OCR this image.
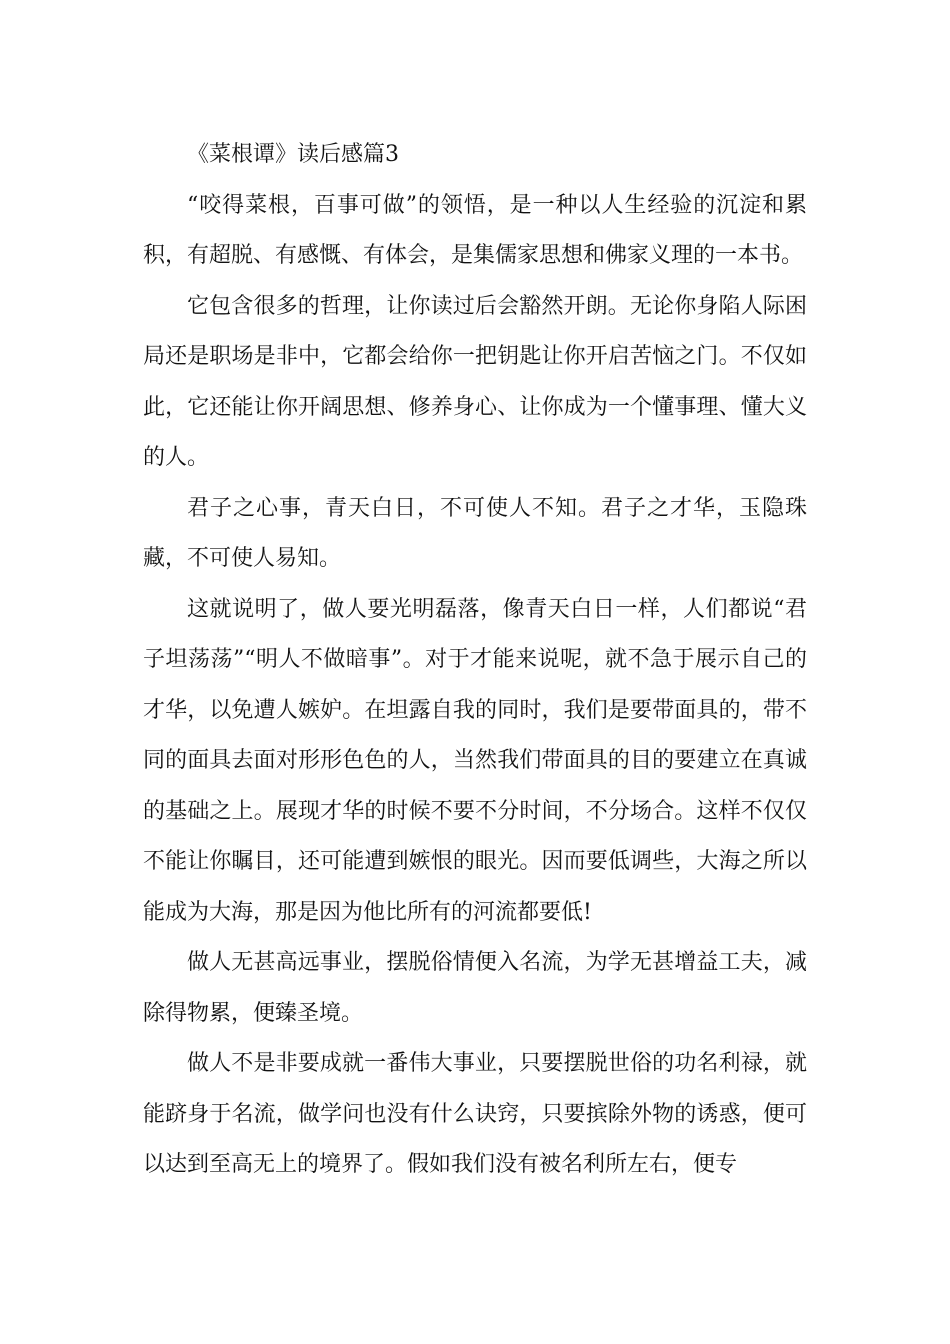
《菜根谭》读后感篇3

“咬得菜根，百事可做”的领悟，是一种以人生经验的沉淀和累积，有超脱、有感慨、有体会，是集儒家思想和佛家义理的一本书。

它包含很多的哲理，让你读过后会豁然开朗。无论你身陷人际困局还是职场是非中，它都会给你一把钥匙让你开启苦恼之门。不仅如此，它还能让你开阔思想、修养身心、让你成为一个懂事理、懂大义的人。

君子之心事，青天白日，不可使人不知。君子之才华，玉隐珠藏，不可使人易知。

这就说明了，做人要光明磊落，像青天白日一样，人们都说“君子坦荡荡”“明人不做暗事”。对于才能来说呢，就不急于展示自己的才华，以免遭人嫉妒。在坦露自我的同时，我们是要带面具的，带不同的面具去面对形形色色的人，当然我们带面具的目的要建立在真诚的基础之上。展现才华的时候不要不分时间，不分场合。这样不仅仅不能让你瞩目，还可能遭到嫉恨的眼光。因而要低调些，大海之所以能成为大海，那是因为他比所有的河流都要低!

做人无甚高远事业，摆脱俗情便入名流，为学无甚增益工夫，减除得物累，便臻圣境。

做人不是非要成就一番伟大事业，只要摆脱世俗的功名利禄，就能跻身于名流，做学问也没有什么诀窍，只要摈除外物的诱惑，便可以达到至高无上的境界了。假如我们没有被名利所左右，便专
